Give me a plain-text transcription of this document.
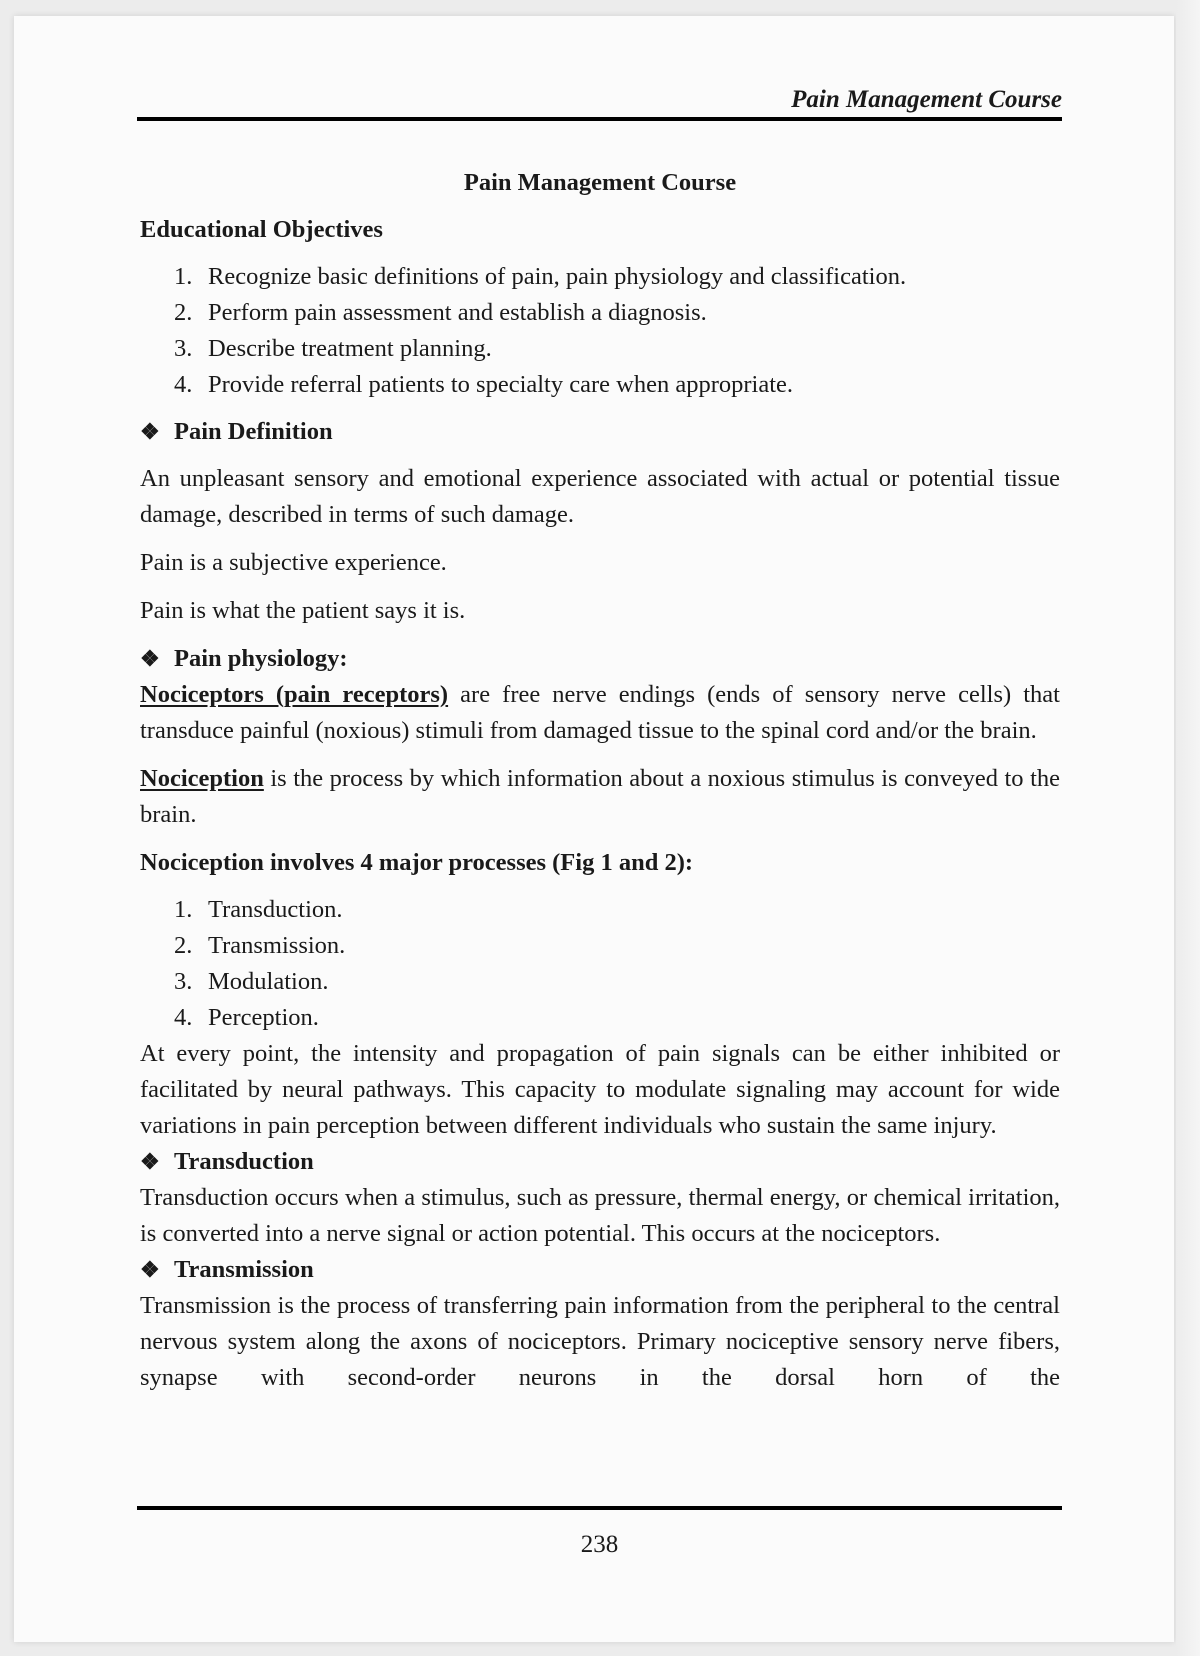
Pain Management Course
Pain Management Course
Educational Objectives
1. Recognize basic definitions of pain, pain physiology and classification.
2. Perform pain assessment and establish a diagnosis.
3. Describe treatment planning.
4. Provide referral patients to specialty care when appropriate.
❖ Pain Definition

An unpleasant sensory and emotional experience associated with actual or potential tissue damage, described in terms of such damage.

Pain is a subjective experience.

Pain is what the patient says it is.

❖ Pain physiology:

Nociceptors (pain receptors) are free nerve endings (ends of sensory nerve cells) that transduce painful (noxious) stimuli from damaged tissue to the spinal cord and/or the brain.

Nociception is the process by which information about a noxious stimulus is conveyed to the brain.

Nociception involves 4 major processes (Fig 1 and 2):
1. Transduction.
2. Transmission.
3. Modulation.
4. Perception.

At every point, the intensity and propagation of pain signals can be either inhibited or facilitated by neural pathways. This capacity to modulate signaling may account for wide variations in pain perception between different individuals who sustain the same injury.

❖ Transduction

Transduction occurs when a stimulus, such as pressure, thermal energy, or chemical irritation, is converted into a nerve signal or action potential. This occurs at the nociceptors.

❖ Transmission

Transmission is the process of transferring pain information from the peripheral to the central nervous system along the axons of nociceptors. Primary nociceptive sensory nerve fibers, synapse with second-order neurons in the dorsal horn of the

238
